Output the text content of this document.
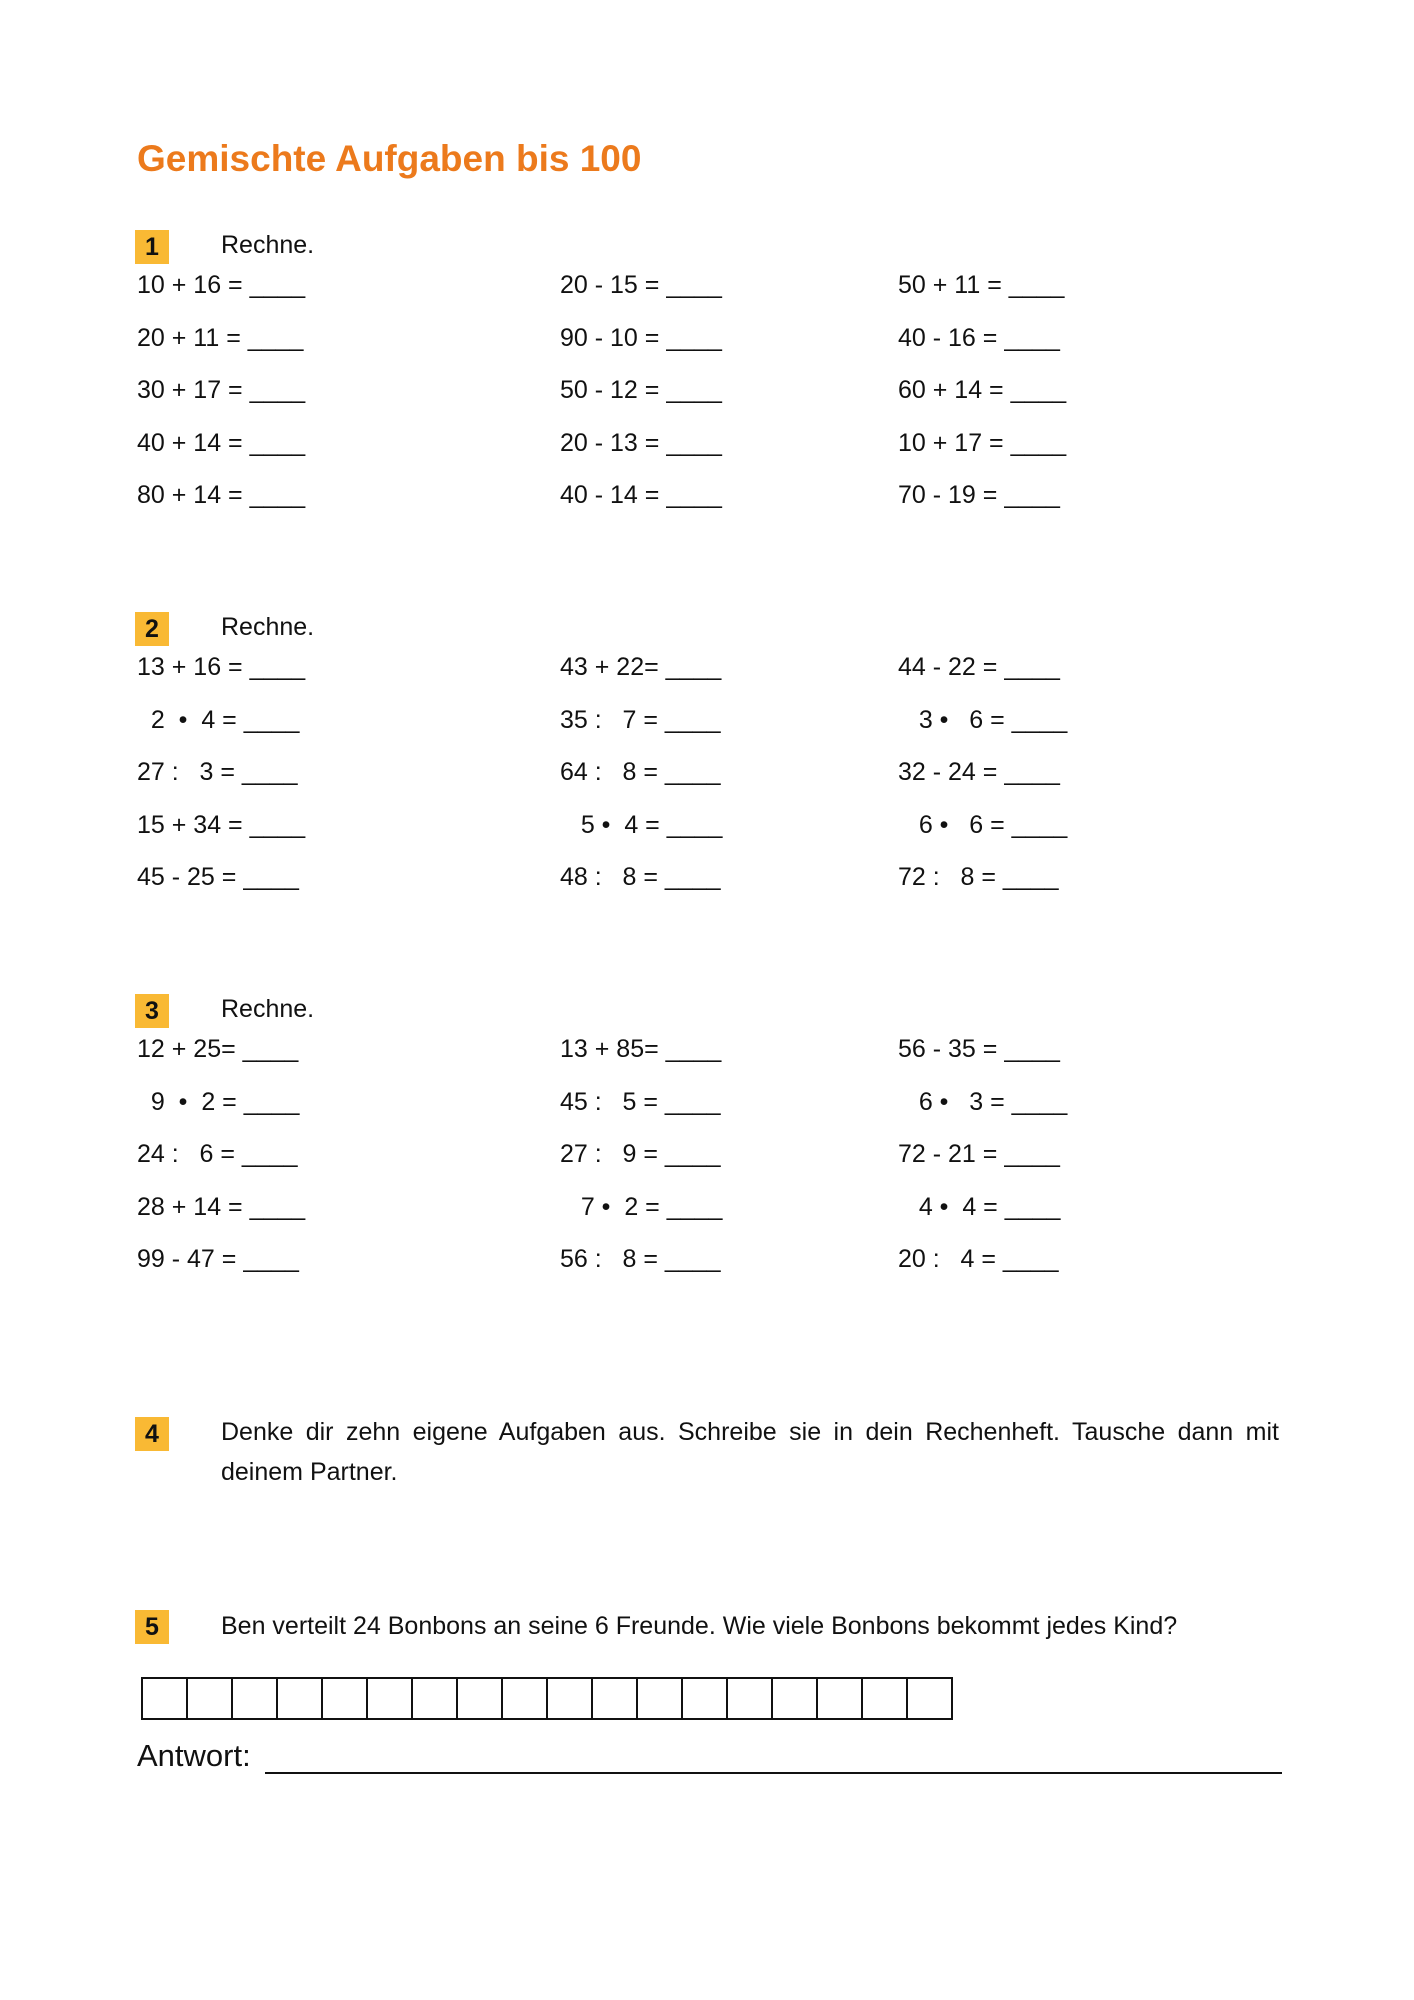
Gemischte Aufgaben bis 100
1 Rechne.
10 + 16 = ____
20 + 11 = ____
30 + 17 = ____
40 + 14 = ____
80 + 14 = ____
20 - 15 = ____
90 - 10 = ____
50 - 12 = ____
20 - 13 = ____
40 - 14 = ____
50 + 11 = ____
40 - 16 = ____
60 + 14 = ____
10 + 17 = ____
70 - 19 = ____
2 Rechne.
13 + 16 = ____
2  •  4 = ____
27 :   3 = ____
15 + 34 = ____
45 - 25 = ____
43 + 22= ____
35 :   7 = ____
64 :   8 = ____
5 •  4 = ____
48 :   8 = ____
44 - 22 = ____
3 •   6 = ____
32 - 24 = ____
6 •   6 = ____
72 :   8 = ____
3 Rechne.
12 + 25= ____
9  •  2 = ____
24 :   6 = ____
28 + 14 = ____
99 - 47 = ____
13 + 85= ____
45 :   5 = ____
27 :   9 = ____
7 •  2 = ____
56 :   8 = ____
56 - 35 = ____
6 •   3 = ____
72 - 21 = ____
4 •  4 = ____
20 :   4 = ____
4 Denke dir zehn eigene Aufgaben aus. Schreibe sie in dein Rechenheft. Tausche dann mit deinem Partner.
5 Ben verteilt 24 Bonbons an seine 6 Freunde. Wie viele Bonbons bekommt jedes Kind?
Antwort:
